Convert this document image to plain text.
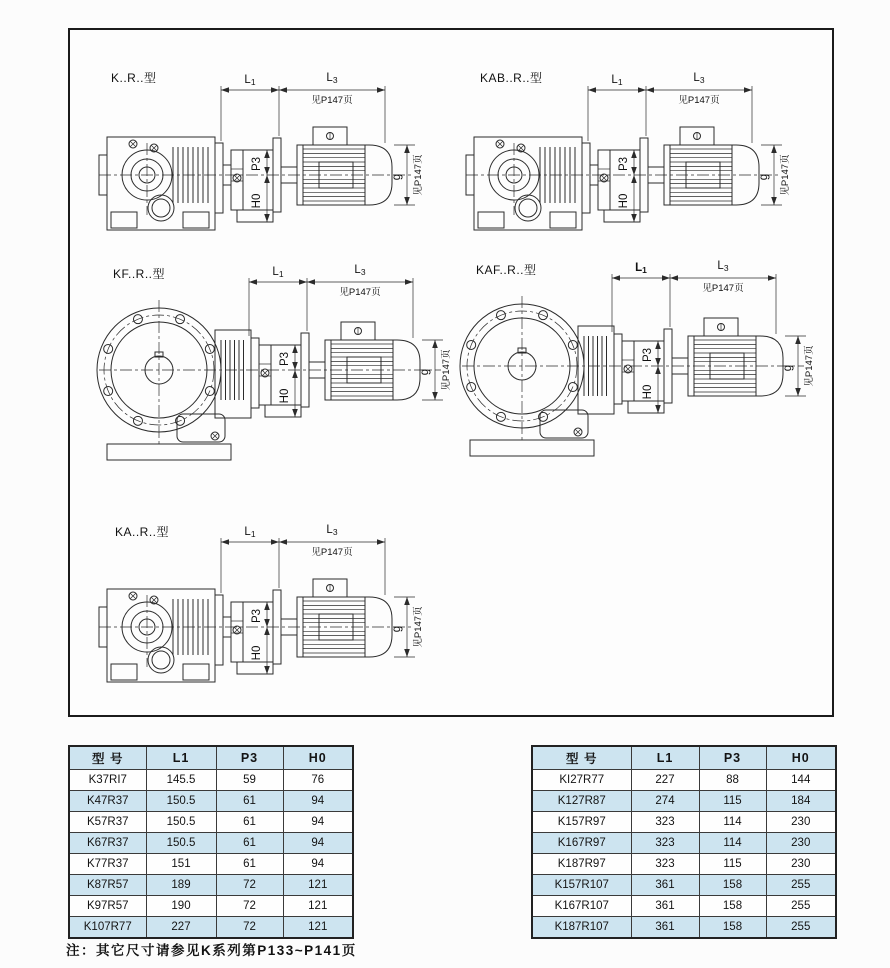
L1	L3
见P147页
P3
H0
g 见P147页
K..R..型	L1	L3
见P147页
P3
H0
g 见P147页
KAB..R..型
L1	L3
见P147页
P3
H0
g 见P147页
KF..R..型	L1	L3
见P147页
P3
H0
g 见P147页
KAF..R..型
L1	L3
见P147页
P3
H0
g 见P147页
KA..R..型
型 号	L1	P3	H0
K37RI7	145.5	59	76
K47R37	150.5	61	94
K57R37	150.5	61	94
K67R37	150.5	61	94
K77R37	151	61	94
K87R57	189	72	121
K97R57	190	72	121
K107R77	227	72	121
型 号	L1	P3	H0
KI27R77	227	88	144
K127R87	274	115	184
K157R97	323	114	230
K167R97	323	114	230
K187R97	323	115	230
K157R107	361	158	255
K167R107	361	158	255
K187R107	361	158	255
注：其它尺寸请参见K系列第P133~P141页
